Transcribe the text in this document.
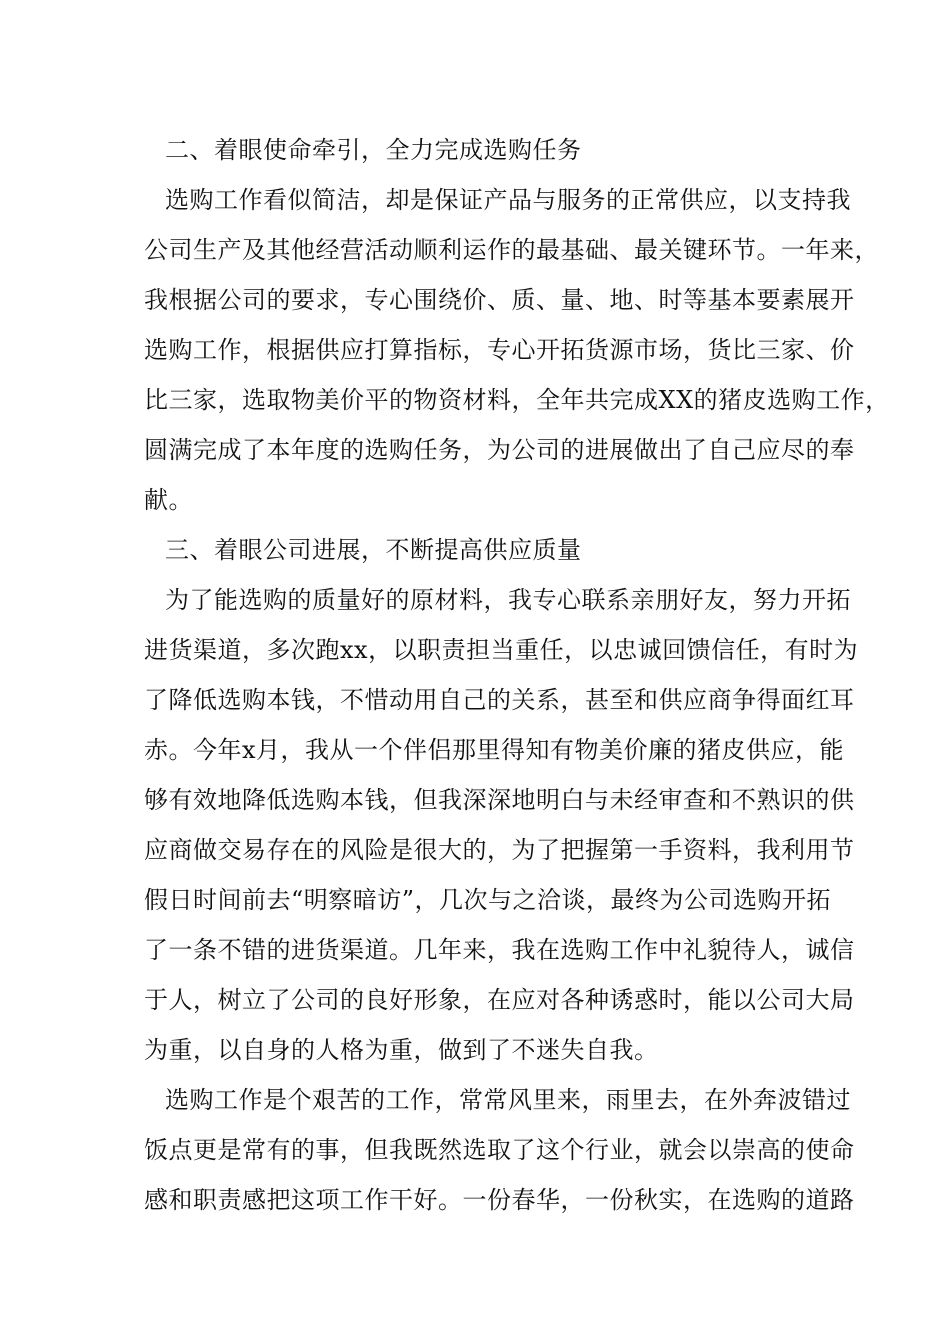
二、着眼使命牵引，全力完成选购任务
选购工作看似简洁，却是保证产品与服务的正常供应，以支持我
公司生产及其他经营活动顺利运作的最基础、最关键环节。一年来，
我根据公司的要求，专心围绕价、质、量、地、时等基本要素展开
选购工作，根据供应打算指标，专心开拓货源市场，货比三家、价
比三家，选取物美价平的物资材料，全年共完成XX的猪皮选购工作，
圆满完成了本年度的选购任务，为公司的进展做出了自己应尽的奉
献。
三、着眼公司进展，不断提高供应质量
为了能选购的质量好的原材料，我专心联系亲朋好友，努力开拓
进货渠道，多次跑xx，以职责担当重任，以忠诚回馈信任，有时为
了降低选购本钱，不惜动用自己的关系，甚至和供应商争得面红耳
赤。今年x月，我从一个伴侣那里得知有物美价廉的猪皮供应，能
够有效地降低选购本钱，但我深深地明白与未经审查和不熟识的供
应商做交易存在的风险是很大的，为了把握第一手资料，我利用节
假日时间前去“明察暗访”，几次与之洽谈，最终为公司选购开拓
了一条不错的进货渠道。几年来，我在选购工作中礼貌待人，诚信
于人，树立了公司的良好形象，在应对各种诱惑时，能以公司大局
为重，以自身的人格为重，做到了不迷失自我。
选购工作是个艰苦的工作，常常风里来，雨里去，在外奔波错过
饭点更是常有的事，但我既然选取了这个行业，就会以崇高的使命
感和职责感把这项工作干好。一份春华，一份秋实，在选购的道路
